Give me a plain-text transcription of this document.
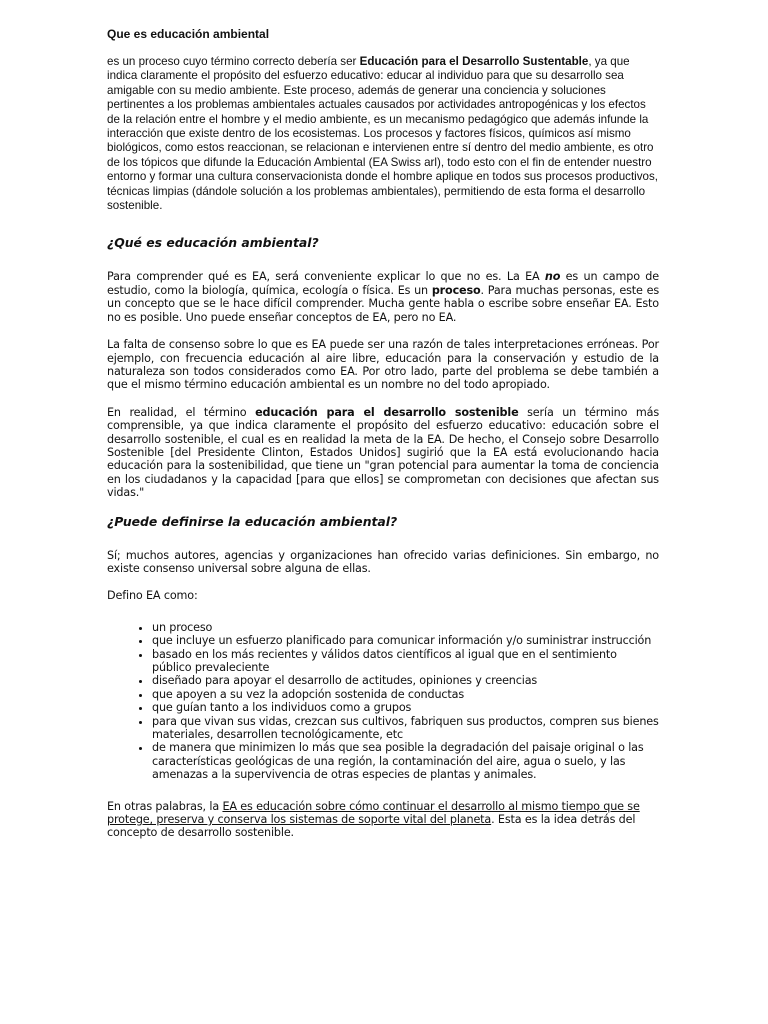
Que es educación ambiental

es un proceso cuyo término correcto debería ser Educación para el Desarrollo Sustentable, ya que indica claramente el propósito del esfuerzo educativo: educar al individuo para que su desarrollo sea amigable con su medio ambiente. Este proceso, además de generar una conciencia y soluciones pertinentes a los problemas ambientales actuales causados por actividades antropogénicas y los efectos de la relación entre el hombre y el medio ambiente, es un mecanismo pedagógico que además infunde la interacción que existe dentro de los ecosistemas. Los procesos y factores físicos, químicos así mismo biológicos, como estos reaccionan, se relacionan e intervienen entre sí dentro del medio ambiente, es otro de los tópicos que difunde la Educación Ambiental (EA Swiss arl), todo esto con el fin de entender nuestro entorno y formar una cultura conservacionista donde el hombre aplique en todos sus procesos productivos, técnicas limpias (dándole solución a los problemas ambientales), permitiendo de esta forma el desarrollo sostenible.

¿Qué es educación ambiental?

Para comprender qué es EA, será conveniente explicar lo que no es. La EA no es un campo de estudio, como la biología, química, ecología o física. Es un proceso. Para muchas personas, este es un concepto que se le hace difícil comprender. Mucha gente habla o escribe sobre enseñar EA. Esto no es posible. Uno puede enseñar conceptos de EA, pero no EA.

La falta de consenso sobre lo que es EA puede ser una razón de tales interpretaciones erróneas. Por ejemplo, con frecuencia educación al aire libre, educación para la conservación y estudio de la naturaleza son todos considerados como EA. Por otro lado, parte del problema se debe también a que el mismo término educación ambiental es un nombre no del todo apropiado.

En realidad, el término educación para el desarrollo sostenible sería un término más comprensible, ya que indica claramente el propósito del esfuerzo educativo: educación sobre el desarrollo sostenible, el cual es en realidad la meta de la EA. De hecho, el Consejo sobre Desarrollo Sostenible [del Presidente Clinton, Estados Unidos] sugirió que la EA está evolucionando hacia educación para la sostenibilidad, que tiene un "gran potencial para aumentar la toma de conciencia en los ciudadanos y la capacidad [para que ellos] se comprometan con decisiones que afectan sus vidas."

¿Puede definirse la educación ambiental?

Sí; muchos autores, agencias y organizaciones han ofrecido varias definiciones. Sin embargo, no existe consenso universal sobre alguna de ellas.

Defino EA como:

• un proceso
• que incluye un esfuerzo planificado para comunicar información y/o suministrar instrucción
• basado en los más recientes y válidos datos científicos al igual que en el sentimiento público prevaleciente
• diseñado para apoyar el desarrollo de actitudes, opiniones y creencias
• que apoyen a su vez la adopción sostenida de conductas
• que guían tanto a los individuos como a grupos
• para que vivan sus vidas, crezcan sus cultivos, fabriquen sus productos, compren sus bienes materiales, desarrollen tecnológicamente, etc
• de manera que minimizen lo más que sea posible la degradación del paisaje original o las características geológicas de una región, la contaminación del aire, agua o suelo, y las amenazas a la supervivencia de otras especies de plantas y animales.

En otras palabras, la EA es educación sobre cómo continuar el desarrollo al mismo tiempo que se protege, preserva y conserva los sistemas de soporte vital del planeta. Esta es la idea detrás del concepto de desarrollo sostenible.
